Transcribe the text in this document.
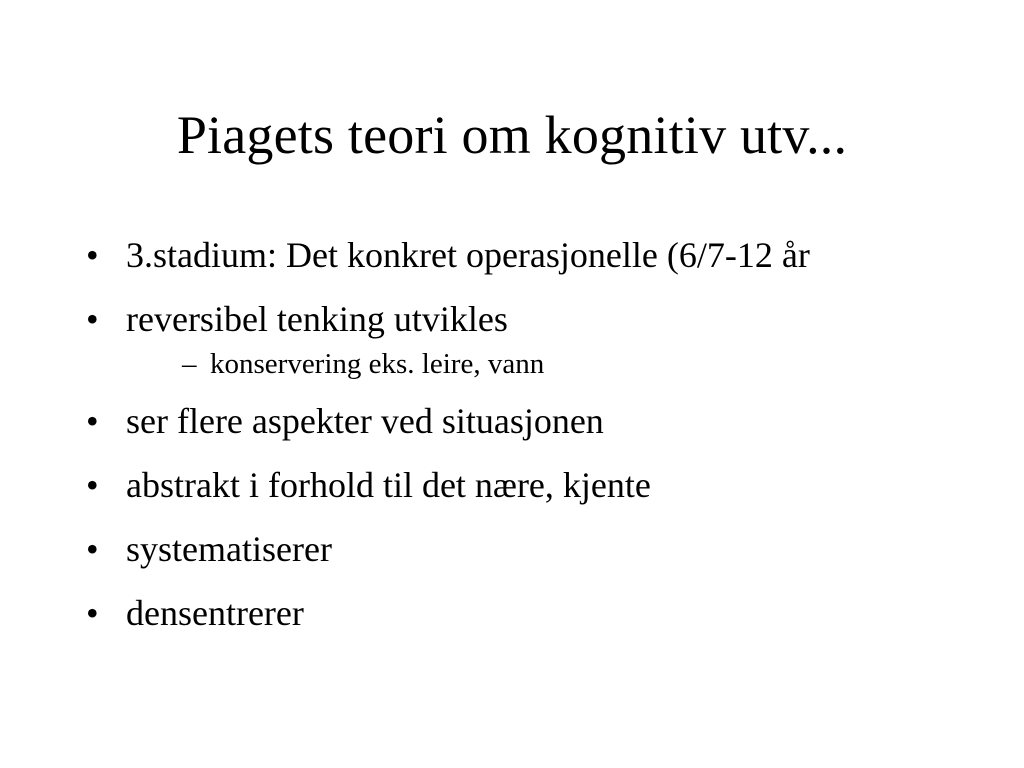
Piagets teori om kognitiv utv...
• 3.stadium: Det konkret operasjonelle (6/7-12 år
• reversibel tenking utvikles
– konservering eks. leire, vann
• ser flere aspekter ved situasjonen
• abstrakt i forhold til det nære, kjente
• systematiserer
• densentrerer
